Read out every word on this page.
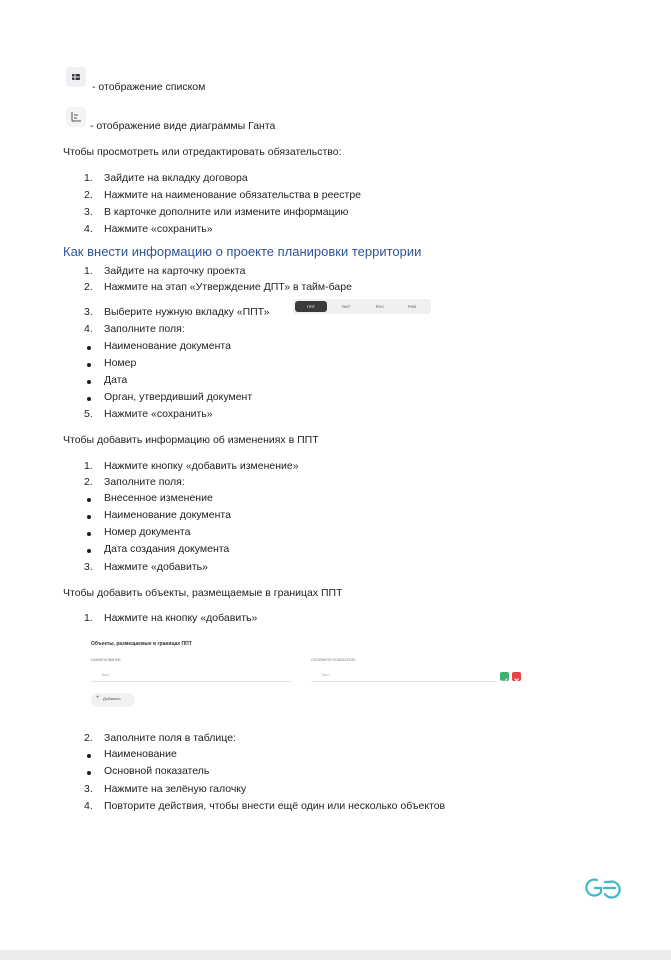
- отображение списком
- отображение виде диаграммы Ганта
Чтобы просмотреть или отредактировать обязательство:
1. Зайдите на вкладку договора
2. Нажмите на наименование обязательства в реестре
3. В карточке дополните или измените информацию
4. Нажмите «сохранить»
Как внести информацию о проекте планировки территории
1. Зайдите на карточку проекта
2. Нажмите на этап «Утверждение ДПТ» в тайм-баре
3. Выберите нужную вкладку «ППТ»	ППТ	ПМТ	РНС	РНВ
4. Заполните поля:
Наименование документа
Номер
Дата
Орган, утвердивший документ
5. Нажмите «сохранить»
Чтобы добавить информацию об изменениях в ППТ
1. Нажмите кнопку «добавить изменение»
2. Заполните поля:
Внесенное изменение
Наименование документа
Номер документа
Дата создания документа
3. Нажмите «добавить»
Чтобы добавить объекты, размещаемые в границах ППТ
1. Нажмите на кнопку «добавить»
Объекты, размещаемые в границах ППТ
НАИМЕНОВАНИЕ	ОСНОВНОЙ ПОКАЗАТЕЛЬ
Текст	Текст
+ Добавить
2. Заполните поля в таблице:
Наименование
Основной показатель
3. Нажмите на зелёную галочку
4. Повторите действия, чтобы внести ещё один или несколько объектов
